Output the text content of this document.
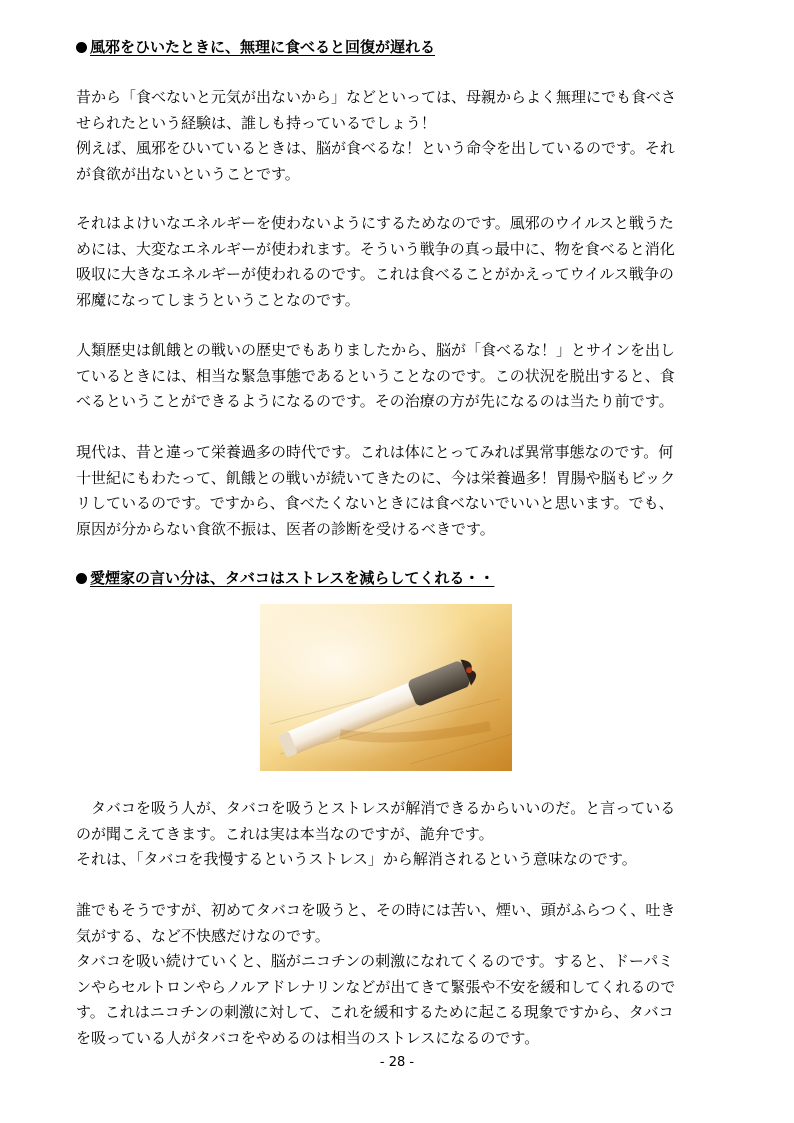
風邪をひいたときに、無理に食べると回復が遅れる
昔から「食べないと元気が出ないから」などといっては、母親からよく無理にでも食べさ
せられたという経験は、誰しも持っているでしょう！
例えば、風邪をひいているときは、脳が食べるな！という命令を出しているのです。それ
が食欲が出ないということです。
それはよけいなエネルギーを使わないようにするためなのです。風邪のウイルスと戦うた
めには、大変なエネルギーが使われます。そういう戦争の真っ最中に、物を食べると消化
吸収に大きなエネルギーが使われるのです。これは食べることがかえってウイルス戦争の
邪魔になってしまうということなのです。
人類歴史は飢餓との戦いの歴史でもありましたから、脳が「食べるな！」とサインを出し
ているときには、相当な緊急事態であるということなのです。この状況を脱出すると、食
べるということができるようになるのです。その治療の方が先になるのは当たり前です。
現代は、昔と違って栄養過多の時代です。これは体にとってみれば異常事態なのです。何
十世紀にもわたって、飢餓との戦いが続いてきたのに、今は栄養過多！胃腸や脳もビック
リしているのです。ですから、食べたくないときには食べないでいいと思います。でも、
原因が分からない食欲不振は、医者の診断を受けるべきです。
愛煙家の言い分は、タバコはストレスを減らしてくれる・・
　タバコを吸う人が、タバコを吸うとストレスが解消できるからいいのだ。と言っている
のが聞こえてきます。これは実は本当なのですが、詭弁です。
それは、「タバコを我慢するというストレス」から解消されるという意味なのです。
誰でもそうですが、初めてタバコを吸うと、その時には苦い、煙い、頭がふらつく、吐き
気がする、など不快感だけなのです。
タバコを吸い続けていくと、脳がニコチンの刺激になれてくるのです。すると、ドーパミ
ンやらセルトロンやらノルアドレナリンなどが出てきて緊張や不安を緩和してくれるので
す。これはニコチンの刺激に対して、これを緩和するために起こる現象ですから、タバコ
を吸っている人がタバコをやめるのは相当のストレスになるのです。
- 28 -
